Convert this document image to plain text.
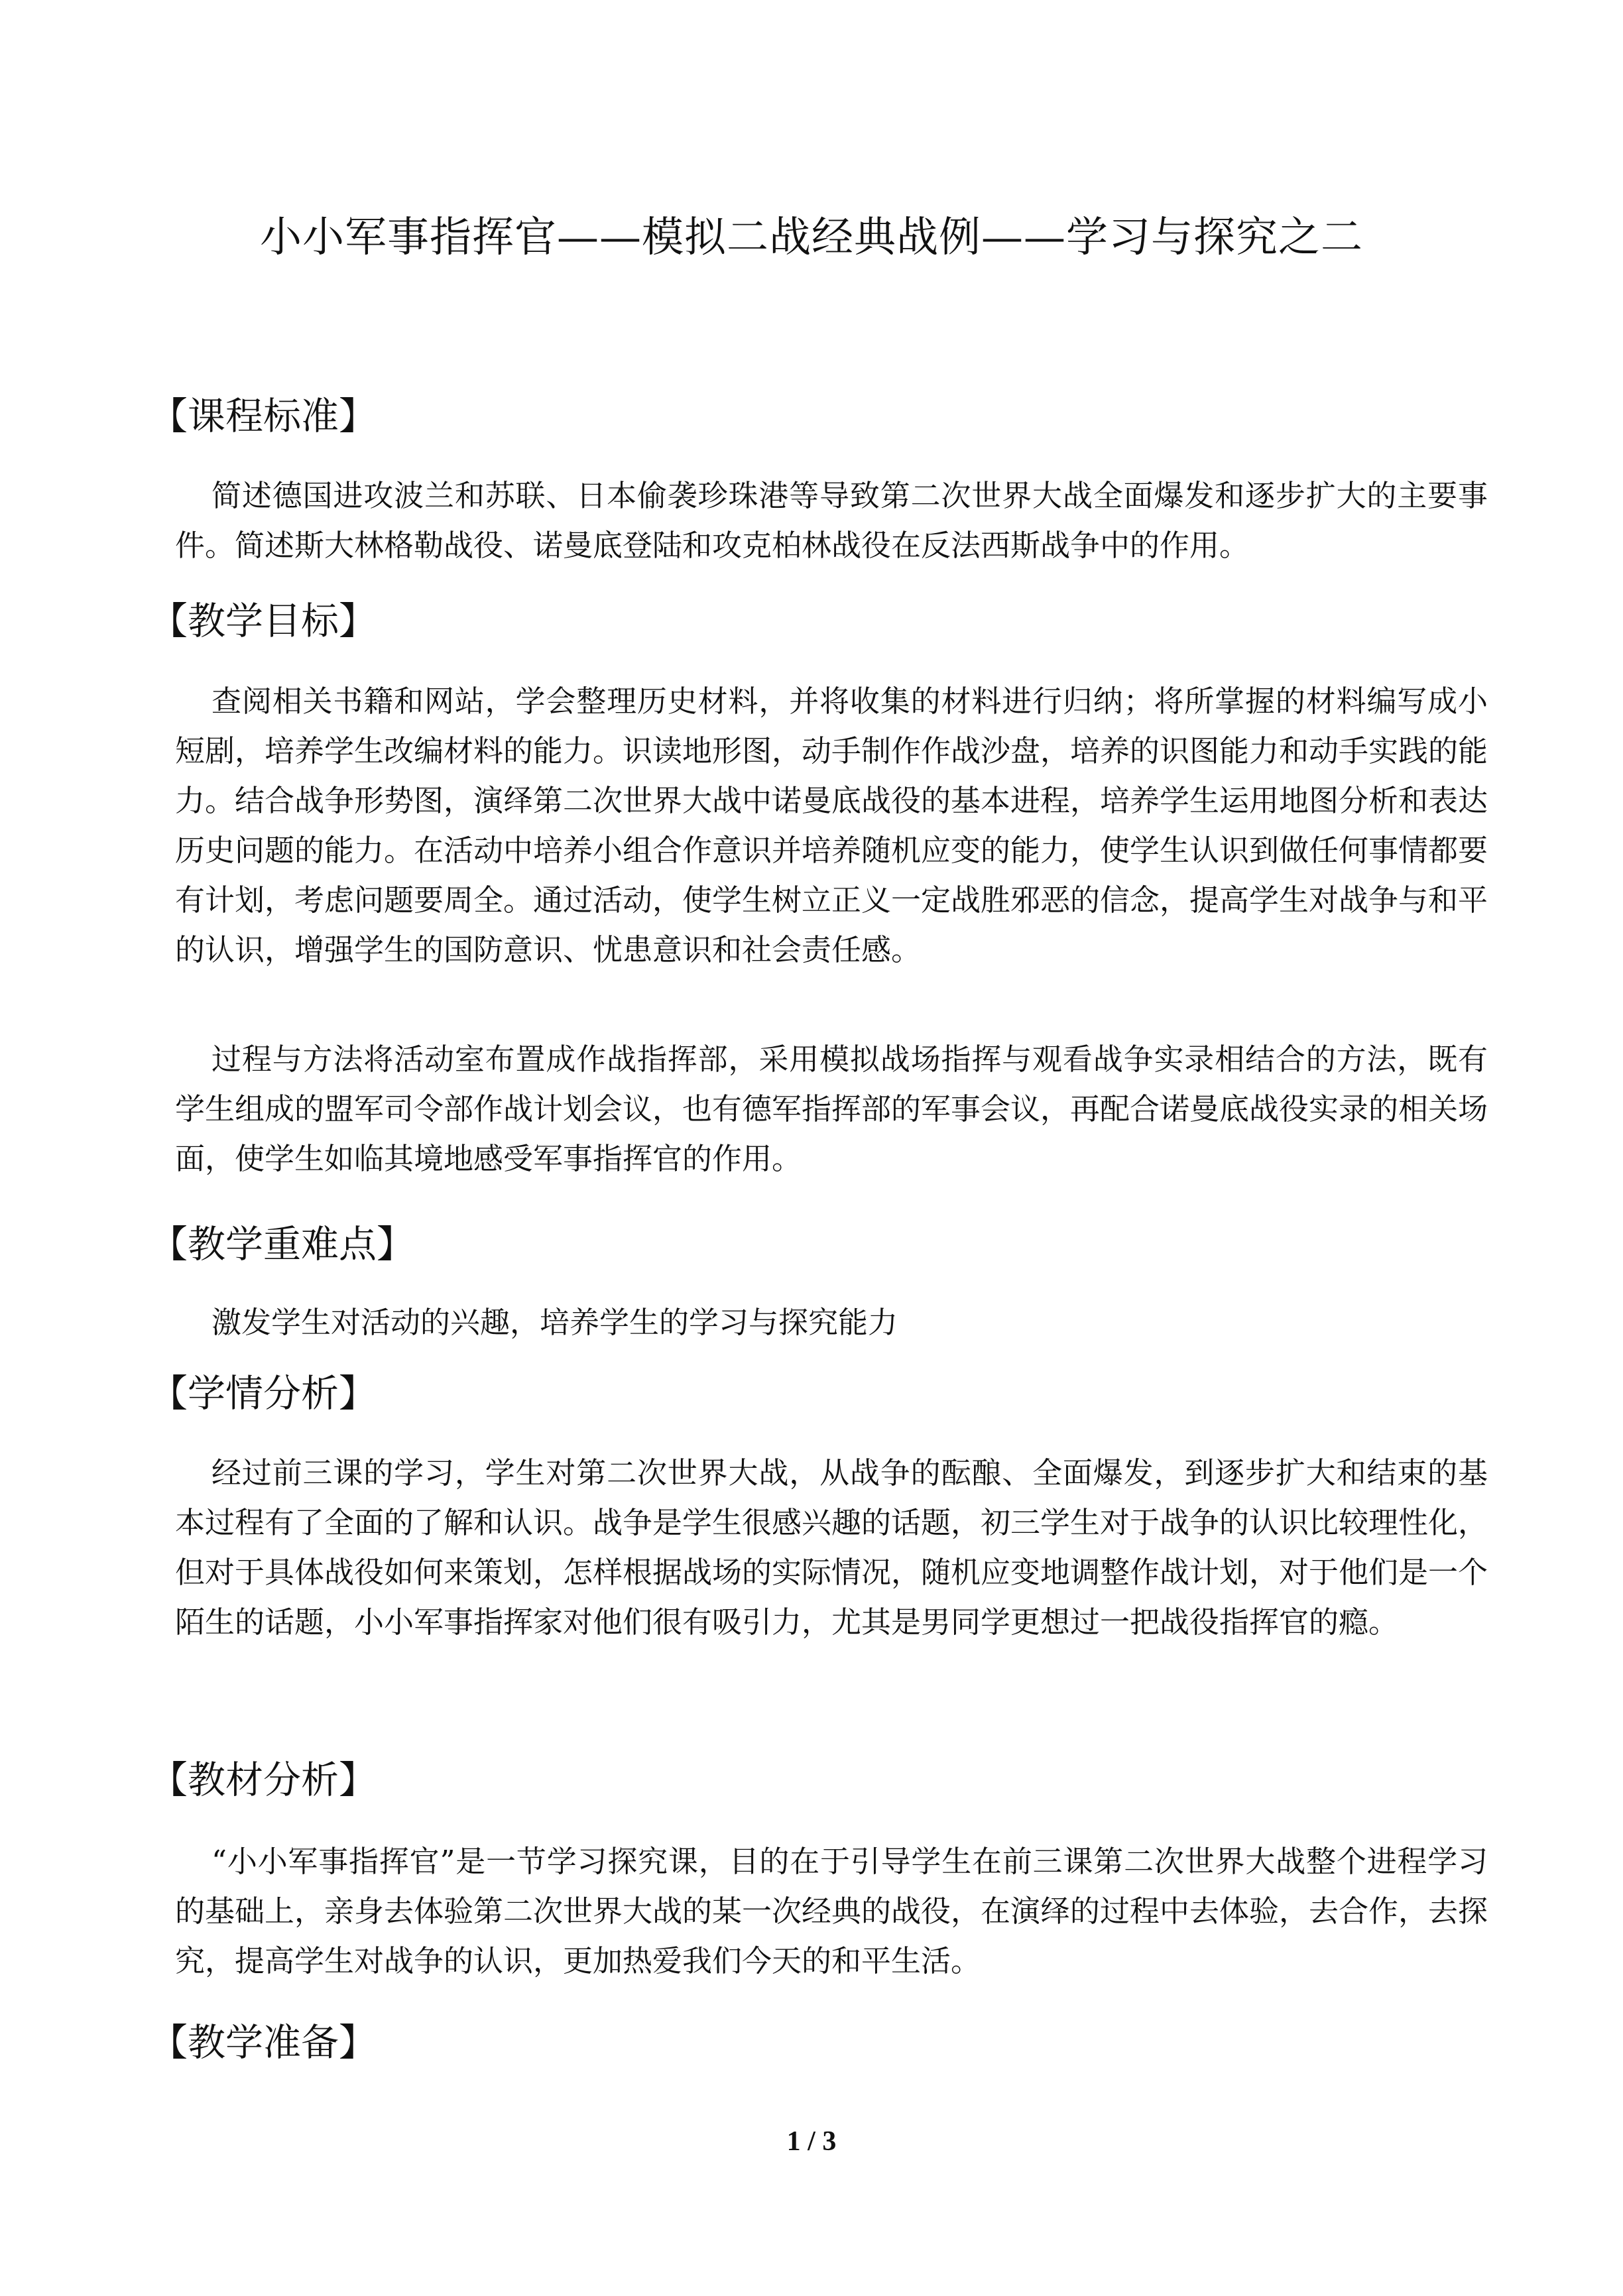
小小军事指挥官——模拟二战经典战例——学习与探究之二
【课程标准】

简述德国进攻波兰和苏联、日本偷袭珍珠港等导致第二次世界大战全面爆发和逐步扩大的主要事件。简述斯大林格勒战役、诺曼底登陆和攻克柏林战役在反法西斯战争中的作用。

【教学目标】

查阅相关书籍和网站，学会整理历史材料，并将收集的材料进行归纳；将所掌握的材料编写成小短剧，培养学生改编材料的能力。识读地形图，动手制作作战沙盘，培养的识图能力和动手实践的能力。结合战争形势图，演绎第二次世界大战中诺曼底战役的基本进程，培养学生运用地图分析和表达历史问题的能力。在活动中培养小组合作意识并培养随机应变的能力，使学生认识到做任何事情都要有计划，考虑问题要周全。通过活动，使学生树立正义一定战胜邪恶的信念，提高学生对战争与和平的认识，增强学生的国防意识、忧患意识和社会责任感。

过程与方法将活动室布置成作战指挥部，采用模拟战场指挥与观看战争实录相结合的方法，既有学生组成的盟军司令部作战计划会议，也有德军指挥部的军事会议，再配合诺曼底战役实录的相关场面，使学生如临其境地感受军事指挥官的作用。

【教学重难点】

激发学生对活动的兴趣，培养学生的学习与探究能力

【学情分析】

经过前三课的学习，学生对第二次世界大战，从战争的酝酿、全面爆发，到逐步扩大和结束的基本过程有了全面的了解和认识。战争是学生很感兴趣的话题，初三学生对于战争的认识比较理性化，但对于具体战役如何来策划，怎样根据战场的实际情况，随机应变地调整作战计划，对于他们是一个陌生的话题，小小军事指挥家对他们很有吸引力，尤其是男同学更想过一把战役指挥官的瘾。

【教材分析】

“小小军事指挥官”是一节学习探究课，目的在于引导学生在前三课第二次世界大战整个进程学习的基础上，亲身去体验第二次世界大战的某一次经典的战役，在演绎的过程中去体验，去合作，去探究，提高学生对战争的认识，更加热爱我们今天的和平生活。

【教学准备】
1 / 3
